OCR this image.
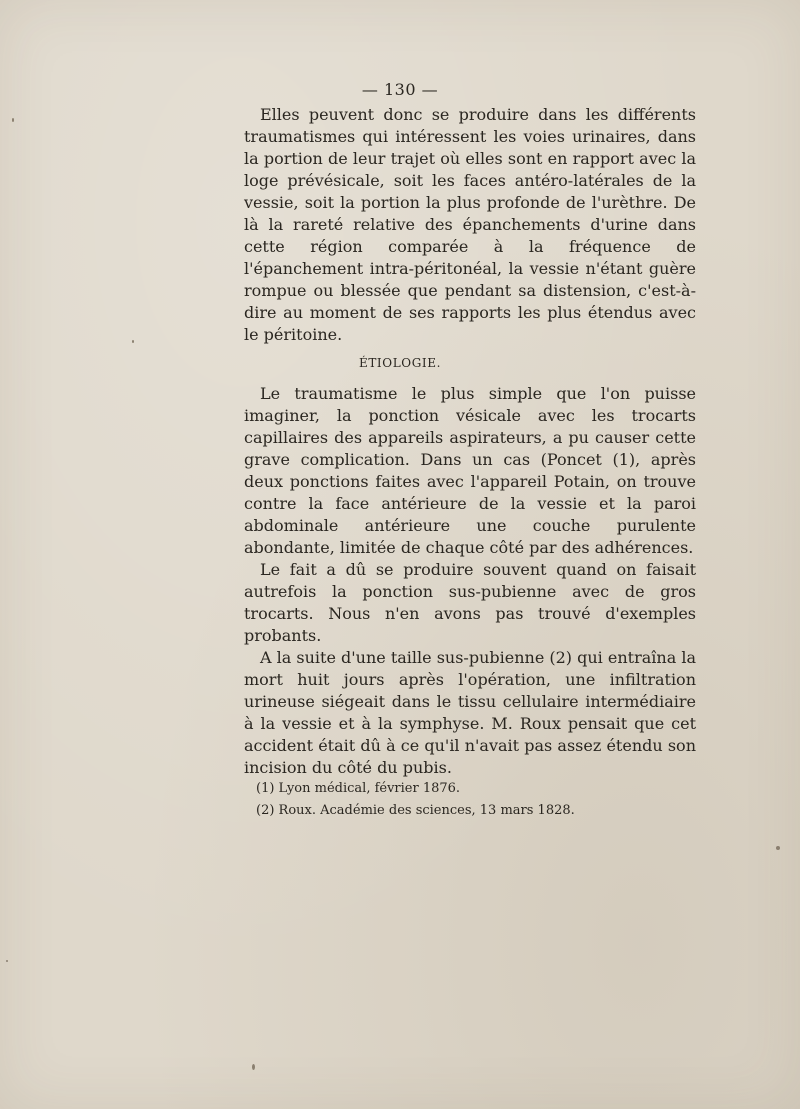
— 130 —

Elles peuvent donc se produire dans les différents traumatismes qui intéressent les voies urinaires, dans la portion de leur trajet où elles sont en rapport avec la loge prévésicale, soit les faces antéro-latérales de la vessie, soit la portion la plus profonde de l'urèthre. De là la rareté relative des épanchements d'urine dans cette région comparée à la fréquence de l'épanchement intra-péritonéal, la vessie n'étant guère rompue ou blessée que pendant sa distension, c'est-à-dire au moment de ses rapports les plus étendus avec le péritoine.

ÉTIOLOGIE.

Le traumatisme le plus simple que l'on puisse imaginer, la ponction vésicale avec les trocarts capillaires des appareils aspirateurs, a pu causer cette grave complication. Dans un cas (Poncet (1), après deux ponctions faites avec l'appareil Potain, on trouve contre la face antérieure de la vessie et la paroi abdominale antérieure une couche purulente abondante, limitée de chaque côté par des adhérences.

Le fait a dû se produire souvent quand on faisait autrefois la ponction sus-pubienne avec de gros trocarts. Nous n'en avons pas trouvé d'exemples probants.

A la suite d'une taille sus-pubienne (2) qui entraîna la mort huit jours après l'opération, une infiltration urineuse siégeait dans le tissu cellulaire intermédiaire à la vessie et à la symphyse. M. Roux pensait que cet accident était dû à ce qu'il n'avait pas assez étendu son incision du côté du pubis.

(1) Lyon médical, février 1876.
(2) Roux. Académie des sciences, 13 mars 1828.
